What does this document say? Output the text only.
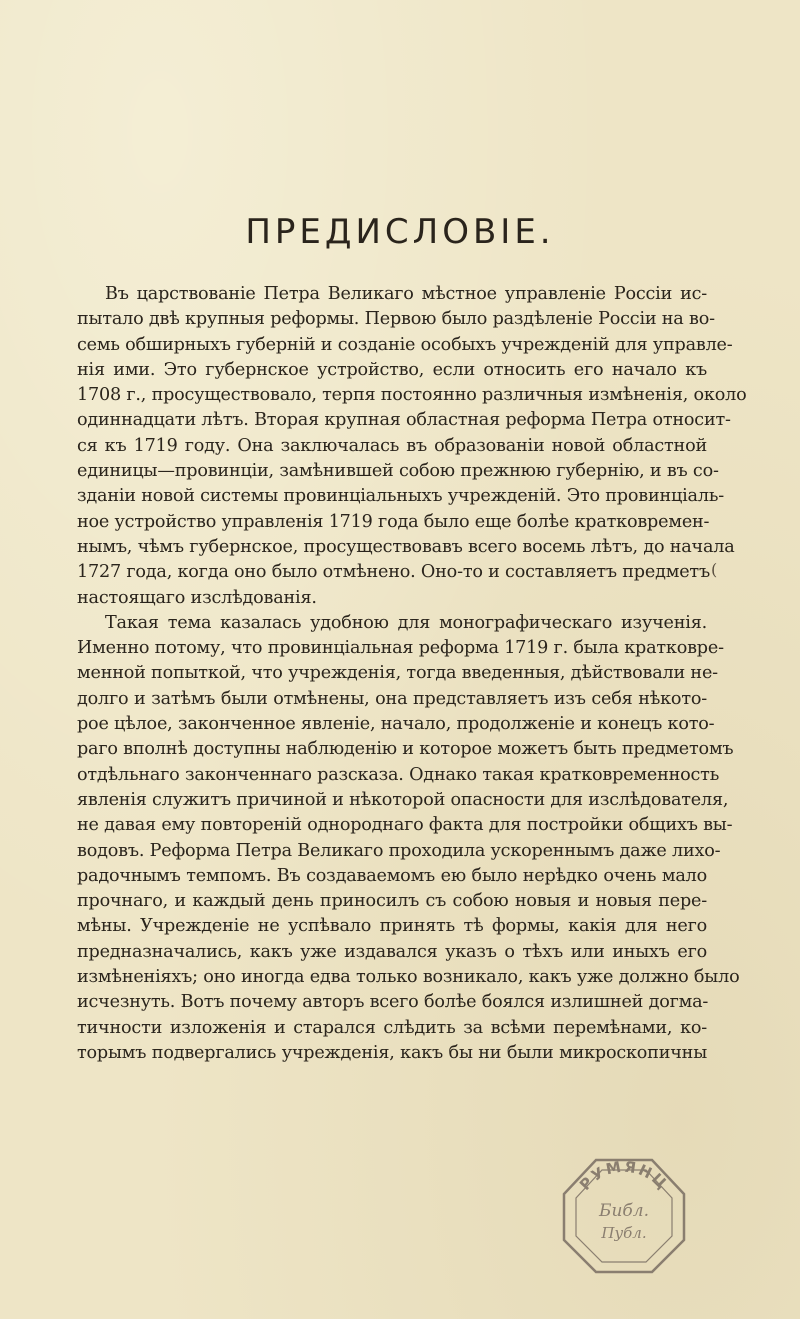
ПРЕДИСЛОВIЕ.
Въ царствованiе Петра Великаго мѣстное управленiе Россiи ис-
пытало двѣ крупныя реформы. Первою было раздѣленiе Россiи на во-
семь обширныхъ губернiй и созданiе особыхъ учрежденiй для управле-
нiя ими. Это губернское устройство, если относить его начало къ
1708 г., просуществовало, терпя постоянно различныя измѣненiя, около
одиннадцати лѣтъ. Вторая крупная областная реформа Петра относит-
ся къ 1719 году. Она заключалась въ образованiи новой областной
единицы—провинцiи, замѣнившей собою прежнюю губернiю, и въ со-
зданiи новой системы провинцiальныхъ учрежденiй. Это провинцiаль-
ное устройство управленiя 1719 года было еще болѣе кратковремен-
нымъ, чѣмъ губернское, просуществовавъ всего восемь лѣтъ, до начала
1727 года, когда оно было отмѣнено. Оно-то и составляетъ предметъ
настоящаго изслѣдованiя.
Такая тема казалась удобною для монографическаго изученiя.
Именно потому, что провинцiальная реформа 1719 г. была кратковре-
менной попыткой, что учрежденiя, тогда введенныя, дѣйствовали не-
долго и затѣмъ были отмѣнены, она представляетъ изъ себя нѣкото-
рое цѣлое, законченное явленiе, начало, продолженiе и конецъ кото-
раго вполнѣ доступны наблюденiю и которое можетъ быть предметомъ
отдѣльнаго законченнаго разсказа. Однако такая кратковременность
явленiя служитъ причиной и нѣкоторой опасности для изслѣдователя,
не давая ему повторенiй однороднаго факта для постройки общихъ вы-
водовъ. Реформа Петра Великаго проходила ускореннымъ даже лихо-
радочнымъ темпомъ. Въ создаваемомъ ею было нерѣдко очень мало
прочнаго, и каждый день приносилъ съ собою новыя и новыя пере-
мѣны. Учрежденiе не успѣвало принять тѣ формы, какiя для него
предназначались, какъ уже издавался указъ о тѣхъ или иныхъ его
измѣненiяхъ; оно иногда едва только возникало, какъ уже должно было
исчезнуть. Вотъ почему авторъ всего болѣе боялся излишней догма-
тичности изложенiя и старался слѣдить за всѣми перемѣнами, ко-
торымъ подвергались учрежденiя, какъ бы ни были микроскопичны
(
РУМЯНЦ
Библ.
Публ.
